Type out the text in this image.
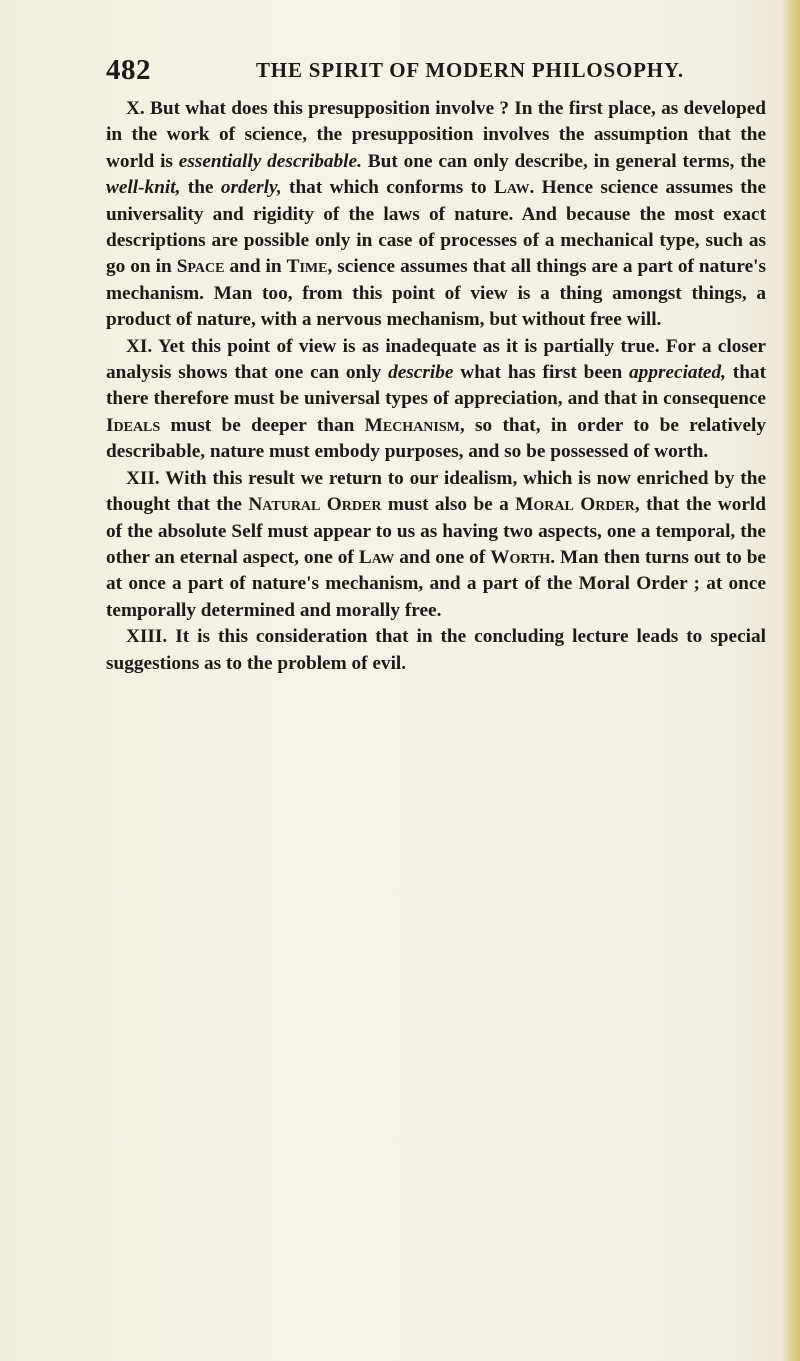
482	THE SPIRIT OF MODERN PHILOSOPHY.

X. But what does this presupposition involve ? In the first place, as developed in the work of science, the presupposition involves the assumption that the world is essentially describable. But one can only describe, in general terms, the well-knit, the orderly, that which conforms to Law. Hence science assumes the universality and rigidity of the laws of nature. And because the most exact descriptions are possible only in case of processes of a mechanical type, such as go on in Space and in Time, science assumes that all things are a part of nature's mechanism. Man too, from this point of view is a thing amongst things, a product of nature, with a nervous mechanism, but without free will.

XI. Yet this point of view is as inadequate as it is partially true. For a closer analysis shows that one can only describe what has first been appreciated, that there therefore must be universal types of appreciation, and that in consequence Ideals must be deeper than Mechanism, so that, in order to be relatively describable, nature must embody purposes, and so be possessed of worth.

XII. With this result we return to our idealism, which is now enriched by the thought that the Natural Order must also be a Moral Order, that the world of the absolute Self must appear to us as having two aspects, one a temporal, the other an eternal aspect, one of Law and one of Worth. Man then turns out to be at once a part of nature's mechanism, and a part of the Moral Order ; at once temporally determined and morally free.

XIII. It is this consideration that in the concluding lecture leads to special suggestions as to the problem of evil.
